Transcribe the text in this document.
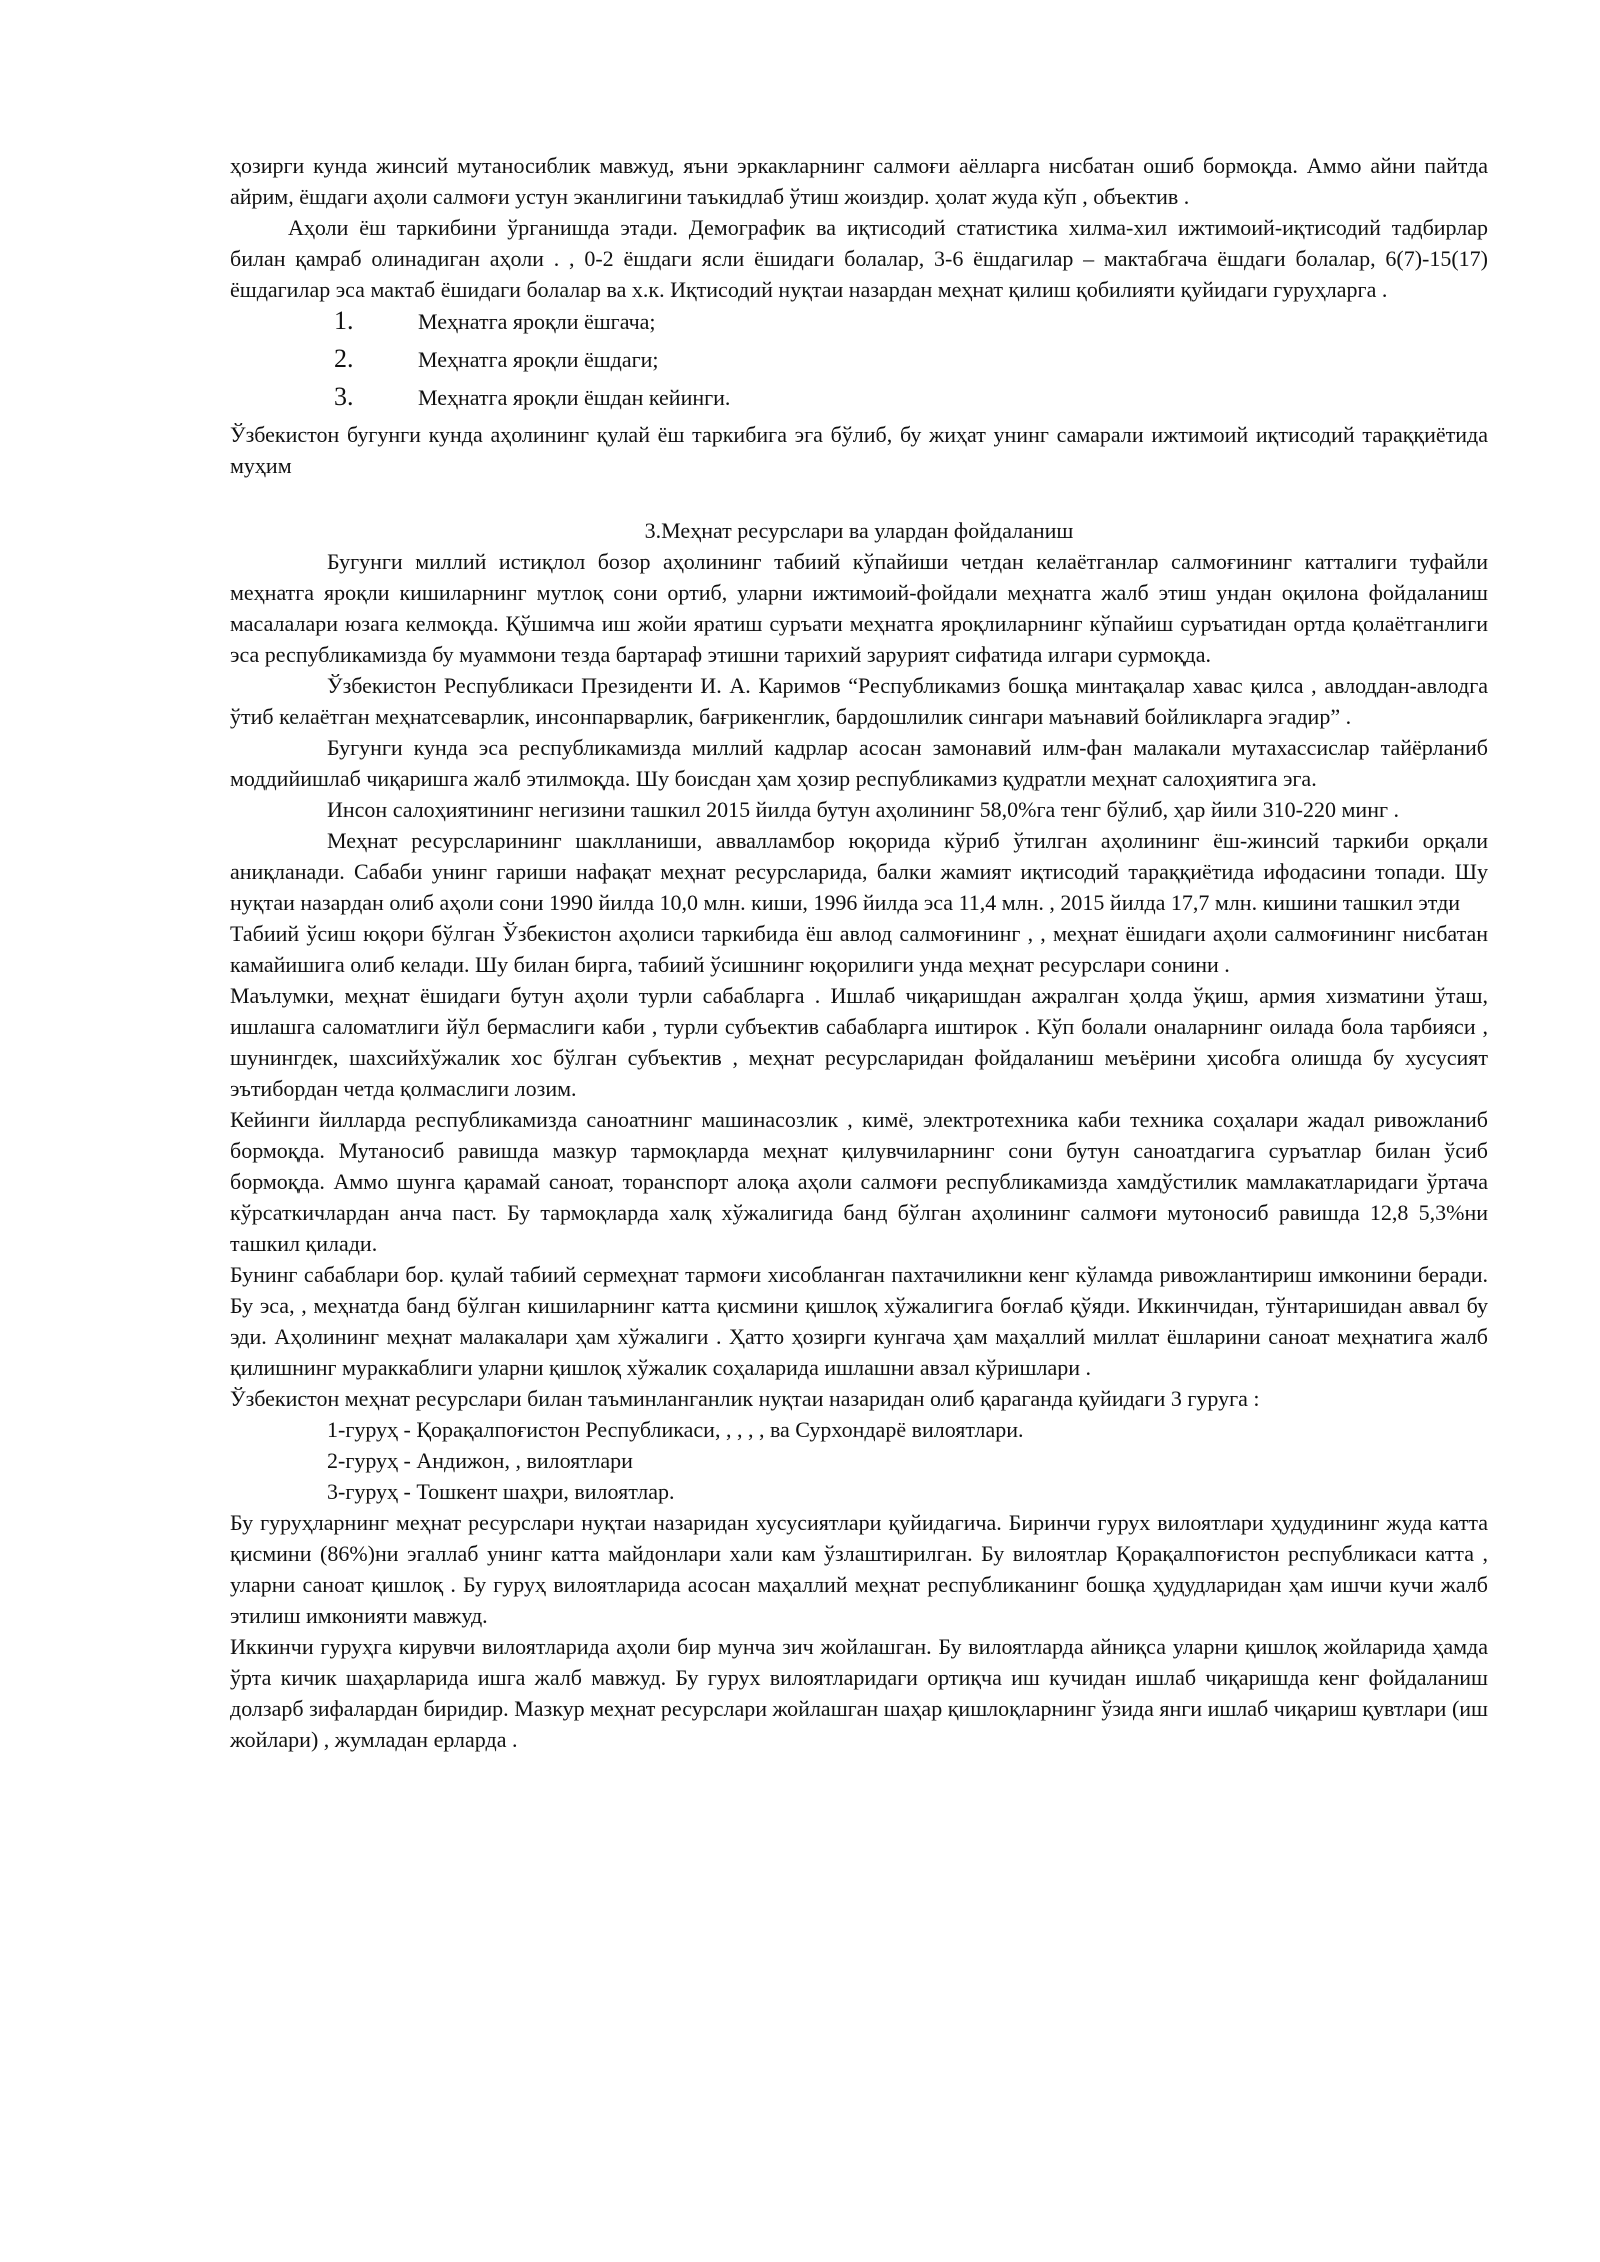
ҳозирги кунда жинсий мутаносиблик мавжуд, яъни эркакларнинг салмоғи аёлларга нисбатан ошиб бормоқда. Аммо айни пайтда айрим, ёшдаги аҳоли салмоғи устун эканлигини таъкидлаб ўтиш жоиздир. ҳолат жуда кўп , объектив .

Аҳоли ёш таркибини ўрганишда этади. Демографик ва иқтисодий статистика хилма-хил ижтимоий-иқтисодий тадбирлар билан қамраб олинадиган аҳоли . , 0-2 ёшдаги ясли ёшидаги болалар, 3-6 ёшдагилар – мактабгача ёшдаги болалар, 6(7)-15(17) ёшдагилар эса мактаб ёшидаги болалар ва х.к. Иқтисодий нуқтаи назардан меҳнат қилиш қобилияти қуйидаги гуруҳларга .

1.	Меҳнатга яроқли ёшгача;
2.	Меҳнатга яроқли ёшдаги;
3.	Меҳнатга яроқли ёшдан кейинги.

Ўзбекистон бугунги кунда аҳолининг қулай ёш таркибига эга бўлиб, бу жиҳат унинг самарали ижтимоий иқтисодий тараққиётида муҳим

3.Меҳнат ресурслари ва улардан фойдаланиш

Бугунги миллий истиқлол бозор аҳолининг табиий кўпайиши четдан келаётганлар салмоғининг катталиги туфайли меҳнатга яроқли кишиларнинг мутлоқ сони ортиб, уларни ижтимоий-фойдали меҳнатга жалб этиш ундан оқилона фойдаланиш масалалари юзага келмоқда. Қўшимча иш жойи яратиш суръати меҳнатга яроқлиларнинг кўпайиш суръатидан ортда қолаётганлиги эса республикамизда бу муаммони тезда бартараф этишни тарихий зарурият сифатида илгари сурмоқда.

Ўзбекистон Республикаси Президенти И. А. Каримов “Республикамиз бошқа минтақалар хавас қилса , авлоддан-авлодга ўтиб келаётган меҳнатсеварлик, инсонпарварлик, бағрикенглик, бардошлилик сингари маънавий бойликларга эгадир” .

Бугунги кунда эса республикамизда миллий кадрлар асосан замонавий илм-фан малакали мутахассислар тайёрланиб моддийишлаб чиқаришга жалб этилмоқда. Шу боисдан ҳам ҳозир республикамиз қудратли меҳнат салоҳиятига эга.

Инсон салоҳиятининг негизини ташкил 2015 йилда бутун аҳолининг 58,0%га тенг бўлиб, ҳар йили 310-220 минг .

Меҳнат ресурсларининг шаклланиши, аввалламбор юқорида кўриб ўтилган аҳолининг ёш-жинсий таркиби орқали аниқланади. Сабаби унинг гариши нафақат меҳнат ресурсларида, балки жамият иқтисодий тараққиётида ифодасини топади. Шу нуқтаи назардан олиб аҳоли сони 1990 йилда 10,0 млн. киши, 1996 йилда эса 11,4 млн. , 2015 йилда 17,7 млн. кишини ташкил этди

Табиий ўсиш юқори бўлган Ўзбекистон аҳолиси таркибида ёш авлод салмоғининг , , меҳнат ёшидаги аҳоли салмоғининг нисбатан камайишига олиб келади. Шу билан бирга, табиий ўсишнинг юқорилиги унда меҳнат ресурслари сонини .

Маълумки, меҳнат ёшидаги бутун аҳоли турли сабабларга . Ишлаб чиқаришдан ажралган ҳолда ўқиш, армия хизматини ўташ, ишлашга саломатлиги йўл бермаслиги каби , турли субъектив сабабларга иштирок . Кўп болали оналарнинг оилада бола тарбияси , шунингдек, шахсийхўжалик хос бўлган субъектив , меҳнат ресурсларидан фойдаланиш меъёрини ҳисобга олишда бу хусусият эътибордан четда қолмаслиги лозим.

Кейинги йилларда республикамизда саноатнинг машинасозлик , кимё, электротехника каби техника соҳалари жадал ривожланиб бормоқда. Мутаносиб равишда мазкур тармоқларда меҳнат қилувчиларнинг сони бутун саноатдагига суръатлар билан ўсиб бормоқда. Аммо шунга қарамай саноат, торанспорт алоқа аҳоли салмоғи республикамизда хамдўстилик мамлакатларидаги ўртача кўрсаткичлардан анча паст. Бу тармоқларда халқ хўжалигида банд бўлган аҳолининг салмоғи мутоносиб равишда 12,8 5,3%ни ташкил қилади.

Бунинг сабаблари бор. қулай табиий сермеҳнат тармоғи хисобланган пахтачиликни кенг кўламда ривожлантириш имконини беради. Бу эса, , меҳнатда банд бўлган кишиларнинг катта қисмини қишлоқ хўжалигига боғлаб қўяди. Иккинчидан, тўнтаришидан аввал бу эди. Аҳолининг меҳнат малакалари ҳам хўжалиги . Ҳатто ҳозирги кунгача ҳам маҳаллий миллат ёшларини саноат меҳнатига жалб қилишнинг мураккаблиги уларни қишлоқ хўжалик соҳаларида ишлашни авзал кўришлари .

Ўзбекистон меҳнат ресурслари билан таъминланганлик нуқтаи назаридан олиб қараганда қуйидаги 3 гуруга :

1-гуруҳ - Қорақалпоғистон Республикаси, , , , , ва Сурхондарё вилоятлари.
2-гуруҳ - Андижон, , вилоятлари
3-гуруҳ - Тошкент шаҳри, вилоятлар.

Бу гуруҳларнинг меҳнат ресурслари нуқтаи назаридан хусусиятлари қуйидагича. Биринчи гурух вилоятлари ҳудудининг жуда катта қисмини (86%)ни эгаллаб унинг катта майдонлари хали кам ўзлаштирилган. Бу вилоятлар Қорақалпоғистон республикаси катта , уларни саноат қишлоқ . Бу гуруҳ вилоятларида асосан маҳаллий меҳнат республиканинг бошқа ҳудудларидан ҳам ишчи кучи жалб этилиш имконияти мавжуд.

Иккинчи гуруҳга кирувчи вилоятларида аҳоли бир мунча зич жойлашган. Бу вилоятларда айниқса уларни қишлоқ жойларида ҳамда ўрта кичик шаҳарларида ишга жалб мавжуд. Бу гурух вилоятларидаги ортиқча иш кучидан ишлаб чиқаришда кенг фойдаланиш долзарб зифалардан биридир. Мазкур меҳнат ресурслари жойлашган шаҳар қишлоқларнинг ўзида янги ишлаб чиқариш қувтлари (иш жойлари) , жумладан ерларда .
